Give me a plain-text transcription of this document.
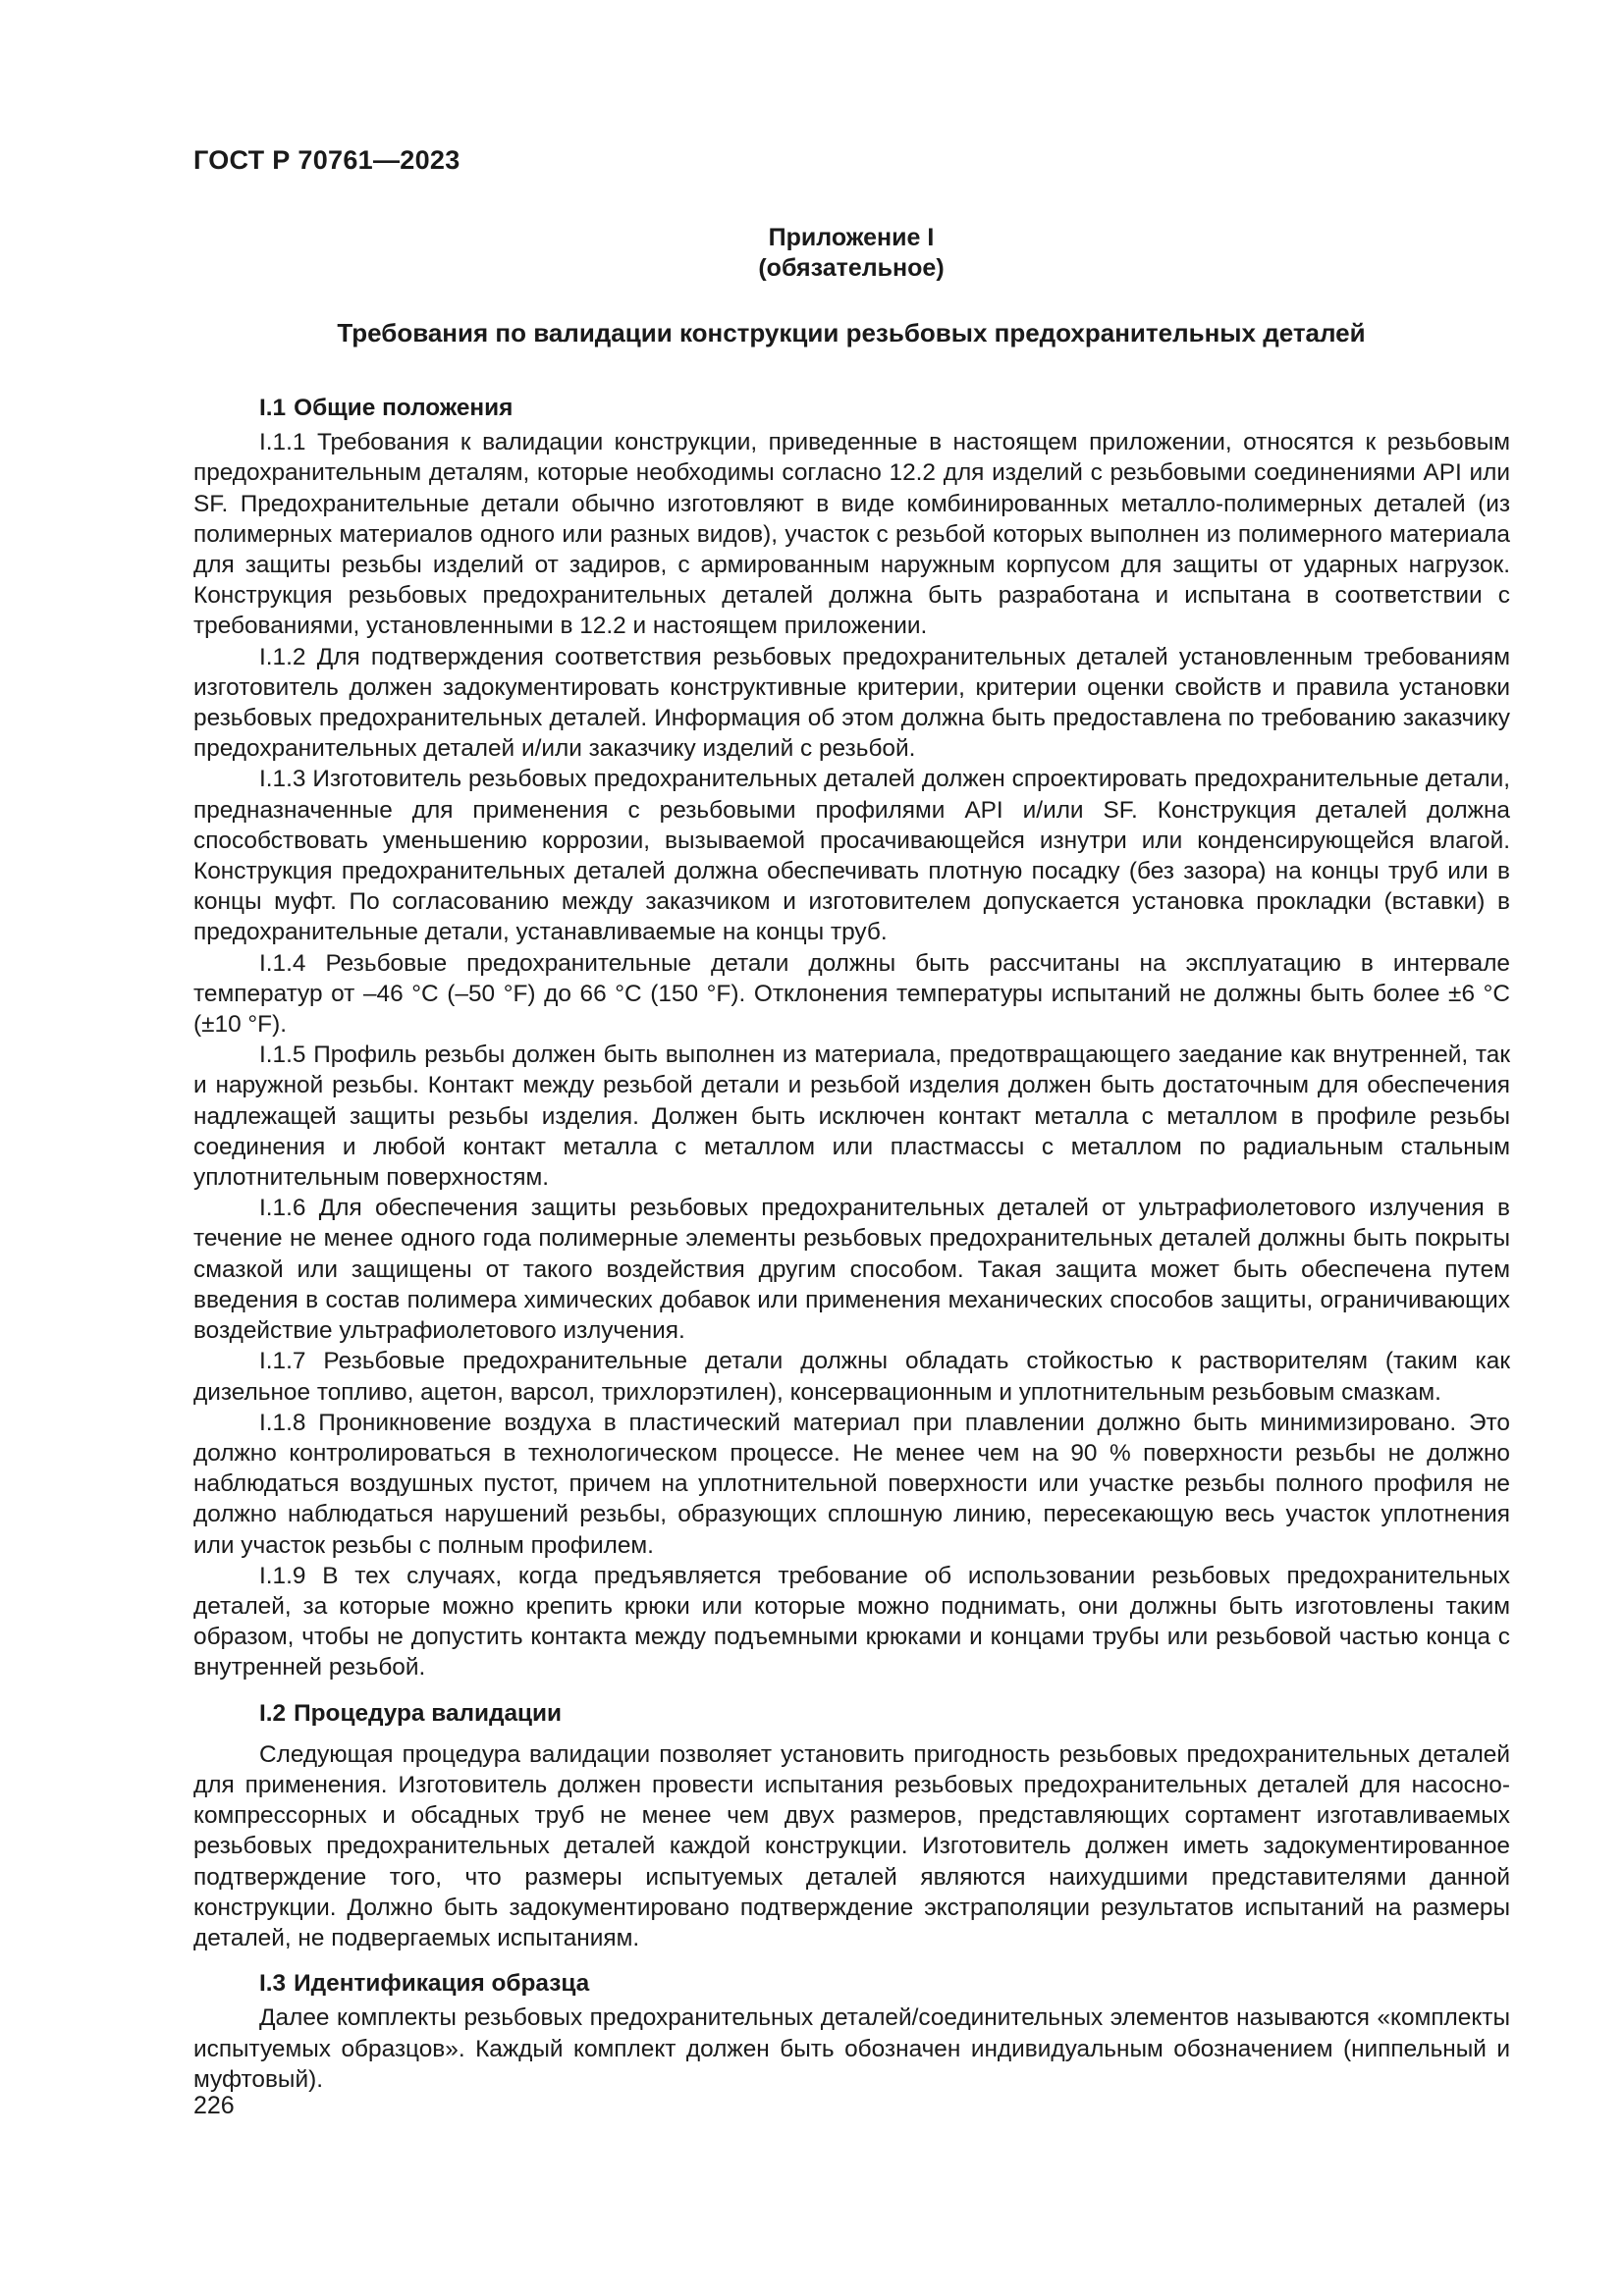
ГОСТ Р 70761—2023
Приложение I
(обязательное)
Требования по валидации конструкции резьбовых предохранительных деталей
I.1 Общие положения

I.1.1 Требования к валидации конструкции, приведенные в настоящем приложении, относятся к резьбовым предохранительным деталям, которые необходимы согласно 12.2 для изделий с резьбовыми соединениями API или SF. Предохранительные детали обычно изготовляют в виде комбинированных металло-полимерных деталей (из полимерных материалов одного или разных видов), участок с резьбой которых выполнен из полимерного материала для защиты резьбы изделий от задиров, с армированным наружным корпусом для защиты от ударных нагрузок. Конструкция резьбовых предохранительных деталей должна быть разработана и испытана в соответствии с требованиями, установленными в 12.2 и настоящем приложении.

I.1.2 Для подтверждения соответствия резьбовых предохранительных деталей установленным требованиям изготовитель должен задокументировать конструктивные критерии, критерии оценки свойств и правила установки резьбовых предохранительных деталей. Информация об этом должна быть предоставлена по требованию заказчику предохранительных деталей и/или заказчику изделий с резьбой.

I.1.3 Изготовитель резьбовых предохранительных деталей должен спроектировать предохранительные детали, предназначенные для применения с резьбовыми профилями API и/или SF. Конструкция деталей должна способствовать уменьшению коррозии, вызываемой просачивающейся изнутри или конденсирующейся влагой. Конструкция предохранительных деталей должна обеспечивать плотную посадку (без зазора) на концы труб или в концы муфт. По согласованию между заказчиком и изготовителем допускается установка прокладки (вставки) в предохранительные детали, устанавливаемые на концы труб.

I.1.4 Резьбовые предохранительные детали должны быть рассчитаны на эксплуатацию в интервале температур от –46 °C (–50 °F) до 66 °C (150 °F). Отклонения температуры испытаний не должны быть более ±6 °C (±10 °F).

I.1.5 Профиль резьбы должен быть выполнен из материала, предотвращающего заедание как внутренней, так и наружной резьбы. Контакт между резьбой детали и резьбой изделия должен быть достаточным для обеспечения надлежащей защиты резьбы изделия. Должен быть исключен контакт металла с металлом в профиле резьбы соединения и любой контакт металла с металлом или пластмассы с металлом по радиальным стальным уплотнительным поверхностям.

I.1.6 Для обеспечения защиты резьбовых предохранительных деталей от ультрафиолетового излучения в течение не менее одного года полимерные элементы резьбовых предохранительных деталей должны быть покрыты смазкой или защищены от такого воздействия другим способом. Такая защита может быть обеспечена путем введения в состав полимера химических добавок или применения механических способов защиты, ограничивающих воздействие ультрафиолетового излучения.

I.1.7 Резьбовые предохранительные детали должны обладать стойкостью к растворителям (таким как дизельное топливо, ацетон, варсол, трихлорэтилен), консервационным и уплотнительным резьбовым смазкам.

I.1.8 Проникновение воздуха в пластический материал при плавлении должно быть минимизировано. Это должно контролироваться в технологическом процессе. Не менее чем на 90 % поверхности резьбы не должно наблюдаться воздушных пустот, причем на уплотнительной поверхности или участке резьбы полного профиля не должно наблюдаться нарушений резьбы, образующих сплошную линию, пересекающую весь участок уплотнения или участок резьбы с полным профилем.

I.1.9 В тех случаях, когда предъявляется требование об использовании резьбовых предохранительных деталей, за которые можно крепить крюки или которые можно поднимать, они должны быть изготовлены таким образом, чтобы не допустить контакта между подъемными крюками и концами трубы или резьбовой частью конца с внутренней резьбой.

I.2 Процедура валидации

Следующая процедура валидации позволяет установить пригодность резьбовых предохранительных деталей для применения. Изготовитель должен провести испытания резьбовых предохранительных деталей для насосно-компрессорных и обсадных труб не менее чем двух размеров, представляющих сортамент изготавливаемых резьбовых предохранительных деталей каждой конструкции. Изготовитель должен иметь задокументированное подтверждение того, что размеры испытуемых деталей являются наихудшими представителями данной конструкции. Должно быть задокументировано подтверждение экстраполяции результатов испытаний на размеры деталей, не подвергаемых испытаниям.

I.3 Идентификация образца

Далее комплекты резьбовых предохранительных деталей/соединительных элементов называются «комплекты испытуемых образцов». Каждый комплект должен быть обозначен индивидуальным обозначением (ниппельный и муфтовый).

226
